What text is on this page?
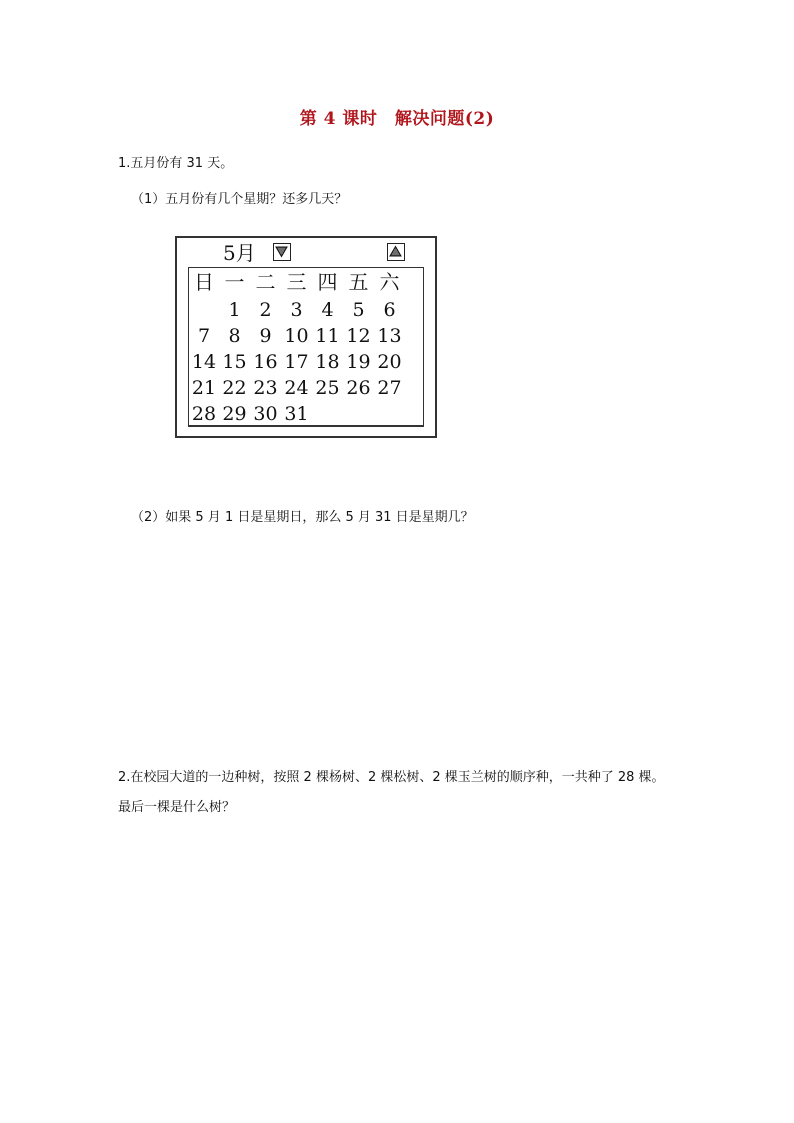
第 4 课时　解决问题(2)
1.五月份有 31 天。
（1）五月份有几个星期？还多几天？
5月
日 一 二 三 四 五 六
1 2 3 4 5 6
7 8 9 10 11 12 13
14 15 16 17 18 19 20
21 22 23 24 25 26 27
28 29 30 31
（2）如果 5 月 1 日是星期日，那么 5 月 31 日是星期几？
2.在校园大道的一边种树，按照 2 棵杨树、2 棵松树、2 棵玉兰树的顺序种，一共种了 28 棵。
最后一棵是什么树？
